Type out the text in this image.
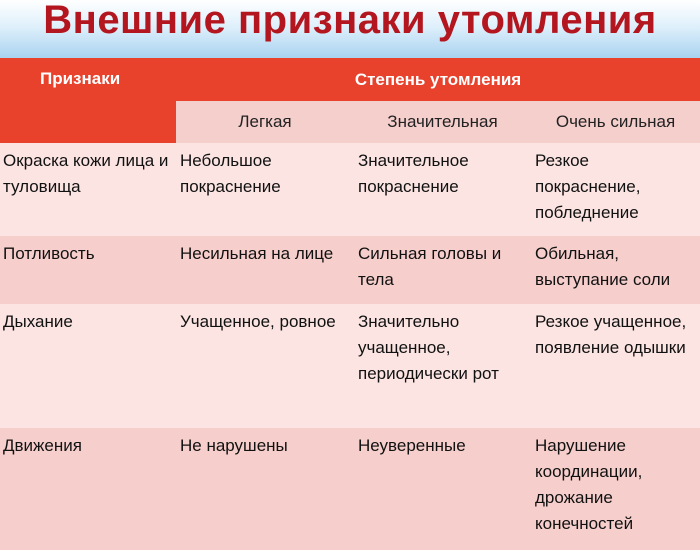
Внешние признаки утомления
Признаки	Степень утомления		
	Легкая	Значительная	Очень сильная
Окраска кожи лица и туловища	Небольшое покраснение	Значительное покраснение	Резкое покраснение, побледнение
Потливость	Несильная на лице	Сильная головы и тела	Обильная, выступание соли
Дыхание	Учащенное, ровное	Значительно учащенное, периодически рот	Резкое учащенное, появление одышки
Движения	Не нарушены	Неуверенные	Нарушение координации, дрожание конечностей
